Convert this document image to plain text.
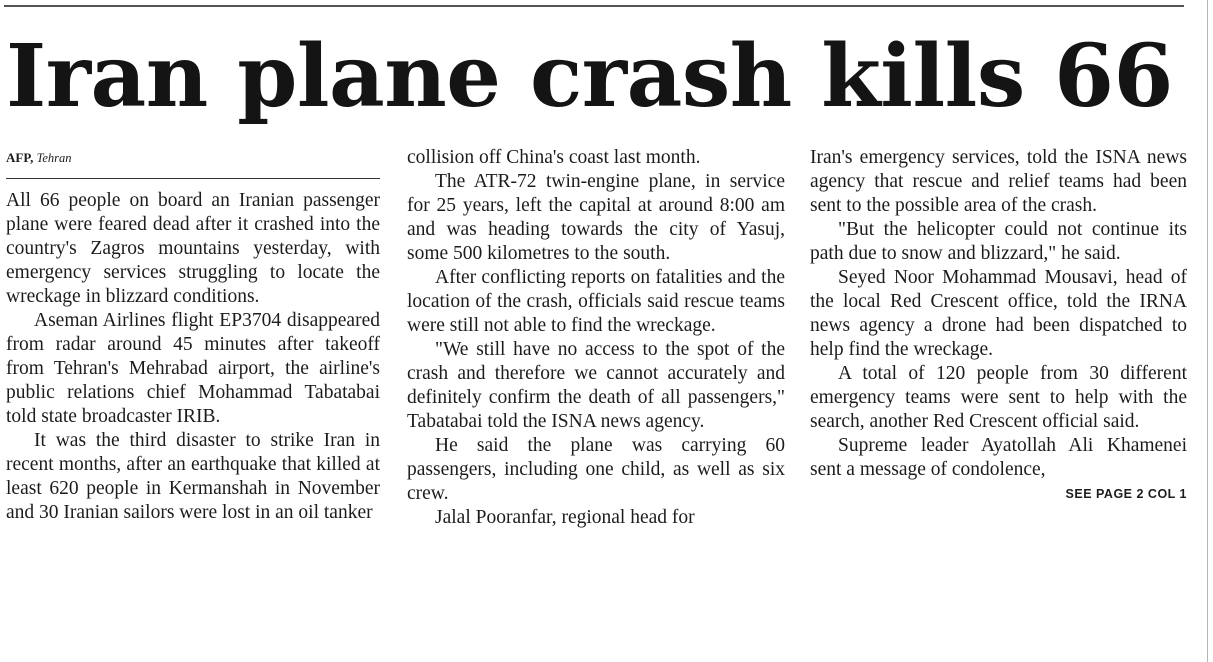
Iran plane crash kills 66
AFP, Tehran

All 66 people on board an Iranian passenger plane were feared dead after it crashed into the country's Zagros mountains yesterday, with emergency services struggling to locate the wreckage in blizzard conditions.

Aseman Airlines flight EP3704 disappeared from radar around 45 minutes after takeoff from Tehran's Mehrabad airport, the airline's public relations chief Mohammad Tabatabai told state broadcaster IRIB.

It was the third disaster to strike Iran in recent months, after an earthquake that killed at least 620 people in Kermanshah in November and 30 Iranian sailors were lost in an oil tanker

collision off China's coast last month.

The ATR-72 twin-engine plane, in service for 25 years, left the capital at around 8:00 am and was heading towards the city of Yasuj, some 500 kilometres to the south.

After conflicting reports on fatalities and the location of the crash, officials said rescue teams were still not able to find the wreckage.

"We still have no access to the spot of the crash and therefore we cannot accurately and definitely confirm the death of all passengers," Tabatabai told the ISNA news agency.

He said the plane was carrying 60 passengers, including one child, as well as six crew.

Jalal Pooranfar, regional head for

Iran's emergency services, told the ISNA news agency that rescue and relief teams had been sent to the possible area of the crash.

"But the helicopter could not continue its path due to snow and blizzard," he said.

Seyed Noor Mohammad Mousavi, head of the local Red Crescent office, told the IRNA news agency a drone had been dispatched to help find the wreckage.

A total of 120 people from 30 different emergency teams were sent to help with the search, another Red Crescent official said.

Supreme leader Ayatollah Ali Khamenei sent a message of condolence,

SEE PAGE 2 COL 1
